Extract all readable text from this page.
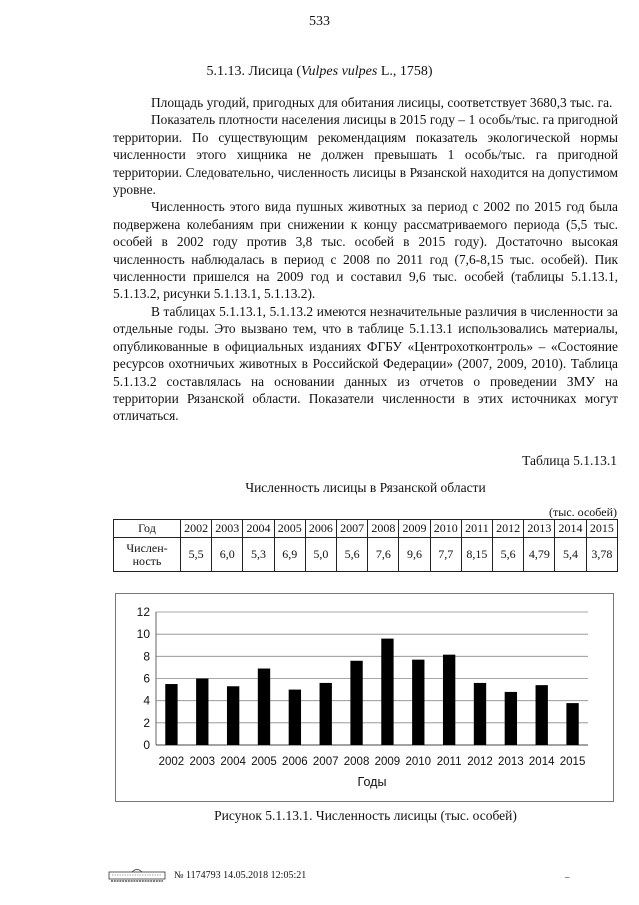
533
5.1.13. Лисица (Vulpes vulpes L., 1758)

Площадь угодий, пригодных для обитания лисицы, соответствует 3680,3 тыс. га.

Показатель плотности населения лисицы в 2015 году – 1 особь/тыс. га пригодной территории. По существующим рекомендациям показатель экологической нормы численности этого хищника не должен превышать 1 особь/тыс. га пригодной территории. Следовательно, численность лисицы в Рязанской находится на допустимом уровне.

Численность этого вида пушных животных за период с 2002 по 2015 год была подвержена колебаниям при снижении к концу рассматриваемого периода (5,5 тыс. особей в 2002 году против 3,8 тыс. особей в 2015 году). Достаточно высокая численность наблюдалась в период с 2008 по 2011 год (7,6-8,15 тыс. особей). Пик численности пришелся на 2009 год и составил 9,6 тыс. особей (таблицы 5.1.13.1, 5.1.13.2, рисунки 5.1.13.1, 5.1.13.2).

В таблицах 5.1.13.1, 5.1.13.2 имеются незначительные различия в численности за отдельные годы. Это вызвано тем, что в таблице 5.1.13.1 использовались материалы, опубликованные в официальных изданиях ФГБУ «Центрохотконтроль» – «Состояние ресурсов охотничьих животных в Российской Федерации» (2007, 2009, 2010). Таблица 5.1.13.2 составлялась на основании данных из отчетов о проведении ЗМУ на территории Рязанской области. Показатели численности в этих источниках могут отличаться.

Таблица 5.1.13.1
Численность лисицы в Рязанской области
(тыс. особей)
Год	2002	2003	2004	2005	2006	2007	2008	2009	2010	2011	2012	2013	2014	2015
Числен-ность	5,5	6,0	5,3	6,9	5,0	5,6	7,6	9,6	7,7	8,15	5,6	4,79	5,4	3,78
0
2
4
6
8
10
12
2002 2003 2004 2005 2006 2007 2008 2009 2010 2011 2012 2013 2014 2015
Годы
Рисунок 5.1.13.1. Численность лисицы (тыс. особей)
№ 1174793 14.05.2018 12:05:21	–
